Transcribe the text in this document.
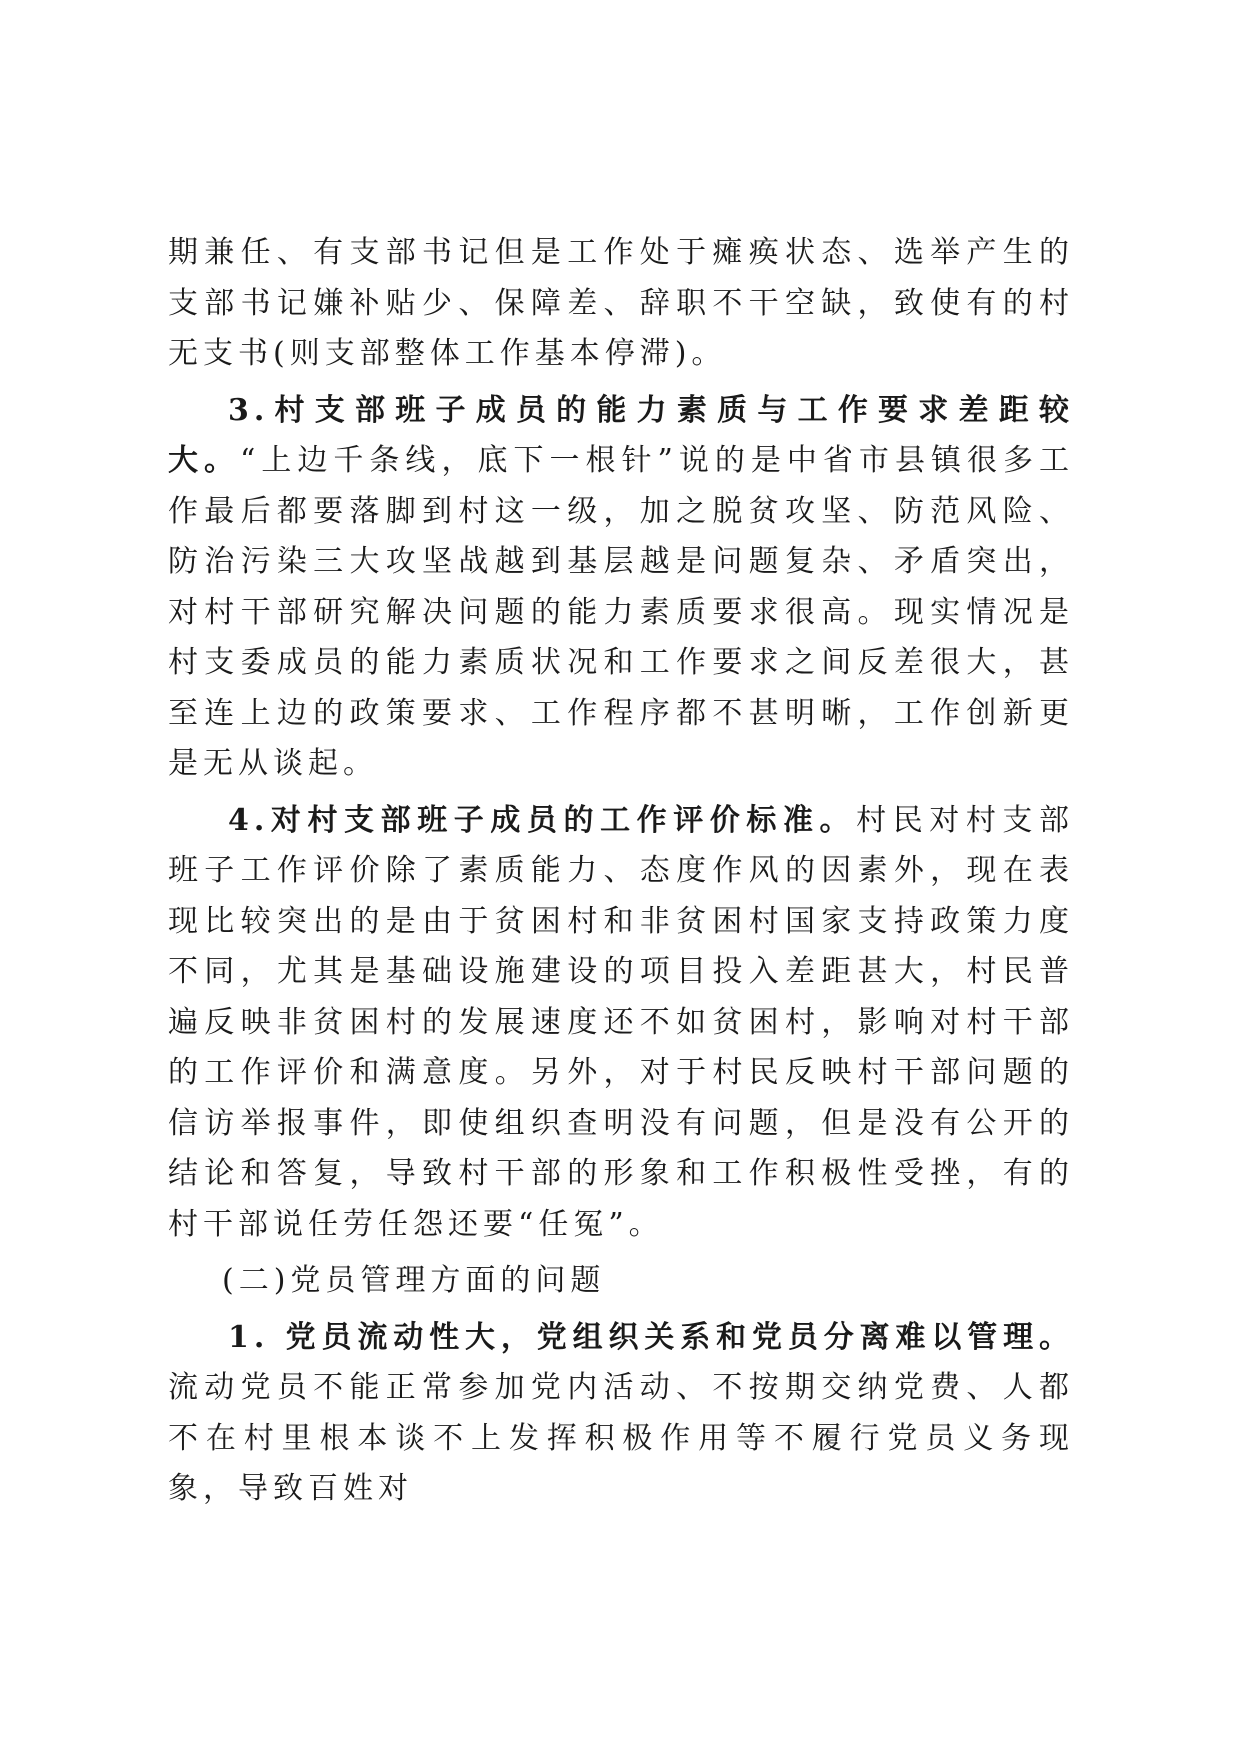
期兼任、有支部书记但是工作处于瘫痪状态、选举产生的支部书记嫌补贴少、保障差、辞职不干空缺，致使有的村无支书(则支部整体工作基本停滞)。

3.村支部班子成员的能力素质与工作要求差距较大。“上边千条线，底下一根针”说的是中省市县镇很多工作最后都要落脚到村这一级，加之脱贫攻坚、防范风险、防治污染三大攻坚战越到基层越是问题复杂、矛盾突出，对村干部研究解决问题的能力素质要求很高。现实情况是村支委成员的能力素质状况和工作要求之间反差很大，甚至连上边的政策要求、工作程序都不甚明晰，工作创新更是无从谈起。

4.对村支部班子成员的工作评价标准。村民对村支部班子工作评价除了素质能力、态度作风的因素外，现在表现比较突出的是由于贫困村和非贫困村国家支持政策力度不同，尤其是基础设施建设的项目投入差距甚大，村民普遍反映非贫困村的发展速度还不如贫困村，影响对村干部的工作评价和满意度。另外，对于村民反映村干部问题的信访举报事件，即使组织查明没有问题，但是没有公开的结论和答复，导致村干部的形象和工作积极性受挫，有的村干部说任劳任怨还要“任冤”。

(二)党员管理方面的问题

1. 党员流动性大，党组织关系和党员分离难以管理。流动党员不能正常参加党内活动、不按期交纳党费、人都不在村里根本谈不上发挥积极作用等不履行党员义务现象，导致百姓对
